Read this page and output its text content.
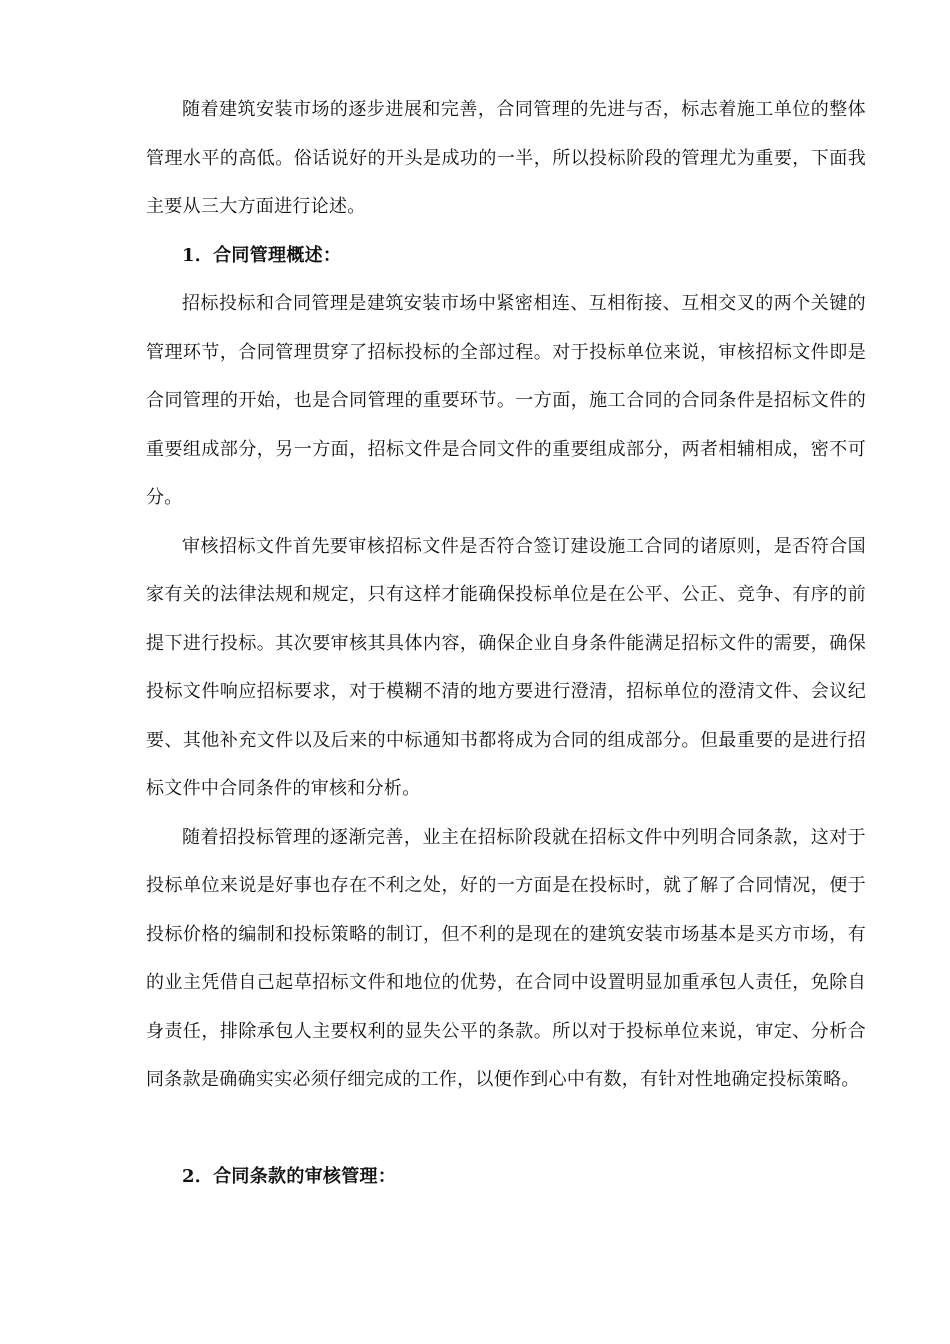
随着建筑安装市场的逐步进展和完善，合同管理的先进与否，标志着施工单位的整体管理水平的高低。俗话说好的开头是成功的一半，所以投标阶段的管理尤为重要，下面我主要从三大方面进行论述。

1．合同管理概述：

招标投标和合同管理是建筑安装市场中紧密相连、互相衔接、互相交叉的两个关键的管理环节，合同管理贯穿了招标投标的全部过程。对于投标单位来说，审核招标文件即是合同管理的开始，也是合同管理的重要环节。一方面，施工合同的合同条件是招标文件的重要组成部分，另一方面，招标文件是合同文件的重要组成部分，两者相辅相成，密不可分。

审核招标文件首先要审核招标文件是否符合签订建设施工合同的诸原则，是否符合国家有关的法律法规和规定，只有这样才能确保投标单位是在公平、公正、竞争、有序的前提下进行投标。其次要审核其具体内容，确保企业自身条件能满足招标文件的需要，确保投标文件响应招标要求，对于模糊不清的地方要进行澄清，招标单位的澄清文件、会议纪要、其他补充文件以及后来的中标通知书都将成为合同的组成部分。但最重要的是进行招标文件中合同条件的审核和分析。

随着招投标管理的逐渐完善，业主在招标阶段就在招标文件中列明合同条款，这对于投标单位来说是好事也存在不利之处，好的一方面是在投标时，就了解了合同情况，便于投标价格的编制和投标策略的制订，但不利的是现在的建筑安装市场基本是买方市场，有的业主凭借自己起草招标文件和地位的优势，在合同中设置明显加重承包人责任，免除自身责任，排除承包人主要权利的显失公平的条款。所以对于投标单位来说，审定、分析合同条款是确确实实必须仔细完成的工作，以便作到心中有数，有针对性地确定投标策略。

2．合同条款的审核管理：
